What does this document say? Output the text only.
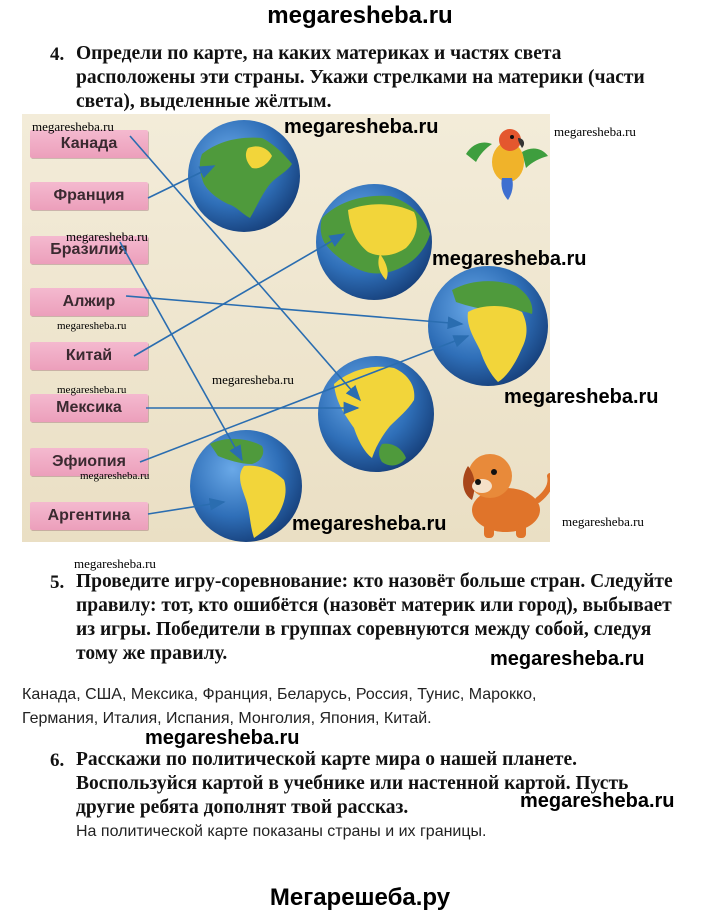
megaresheba.ru
4. Определи по карте, на каких материках и частях света
расположены эти страны. Укажи стрелками на материки (части
света), выделенные жёлтым.
Канада
Франция
Бразилия
Алжир
Китай
Мексика
Эфиопия
Аргентина
megaresheba.ru	megaresheba.ru	megaresheba.ru
megaresheba.ru
megaresheba.ru
megaresheba.ru
megaresheba.ru
megaresheba.ru
megaresheba.ru
megaresheba.ru
megaresheba.ru	megaresheba.ru
megaresheba.ru
5. Проведите игру-соревнование: кто назовёт больше стран. Следуйте
правилу: тот, кто ошибётся (назовёт материк или город), выбывает
из игры. Победители в группах соревнуются между собой, следуя
тому же правилу.	megaresheba.ru
Канада, США, Мексика, Франция, Беларусь, Россия, Тунис, Марокко,
Германия, Италия, Испания, Монголия, Япония, Китай.
megaresheba.ru
6. Расскажи по политической карте мира о нашей планете.
Воспользуйся картой в учебнике или настенной картой. Пусть
другие ребята дополнят твой рассказ.	megaresheba.ru
На политической карте показаны страны и их границы.
Мегарешеба.ру
